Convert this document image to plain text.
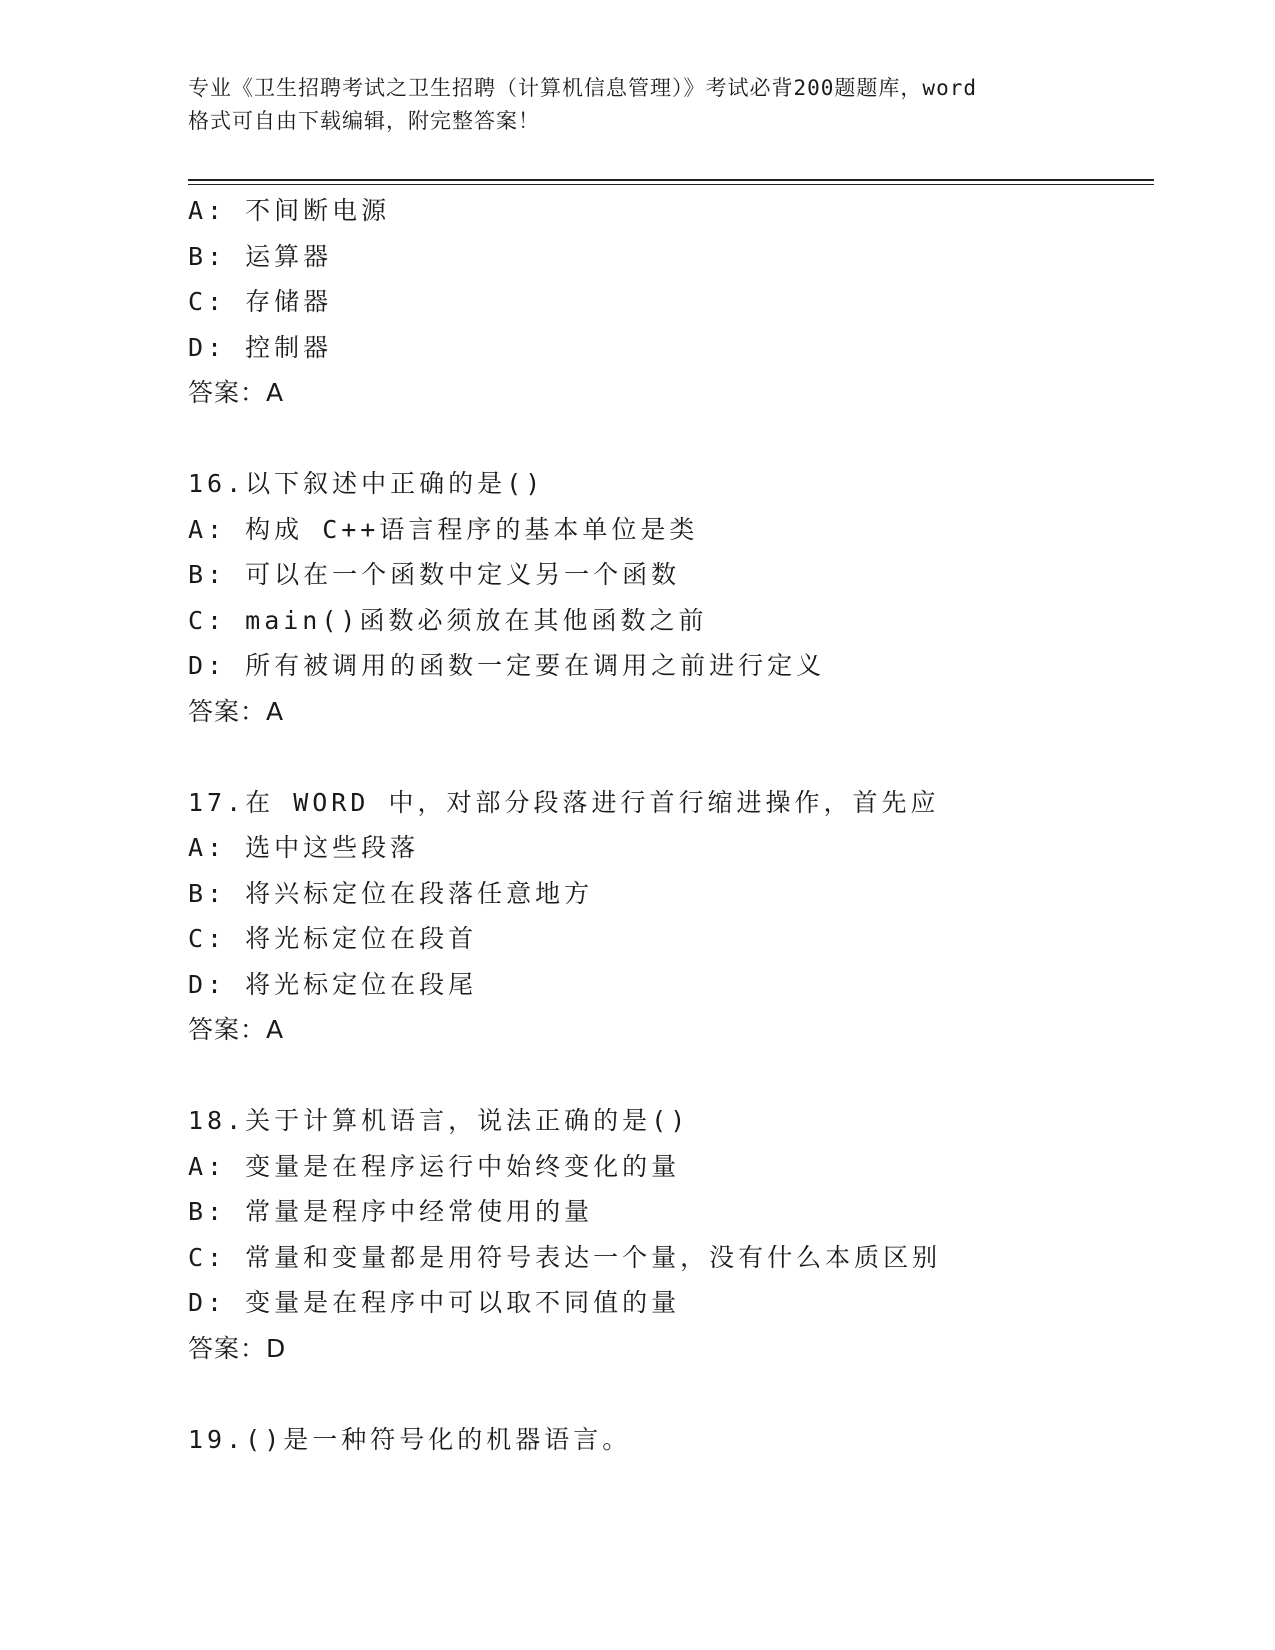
专业《卫生招聘考试之卫生招聘（计算机信息管理）》考试必背200题题库，word
格式可自由下载编辑，附完整答案！
A: 不间断电源
B: 运算器
C: 存储器
D: 控制器
答案：A
16.以下叙述中正确的是()
A: 构成 C++语言程序的基本单位是类
B: 可以在一个函数中定义另一个函数
C: main()函数必须放在其他函数之前
D: 所有被调用的函数一定要在调用之前进行定义
答案：A
17.在 WORD 中，对部分段落进行首行缩进操作，首先应
A: 选中这些段落
B: 将兴标定位在段落任意地方
C: 将光标定位在段首
D: 将光标定位在段尾
答案：A
18.关于计算机语言，说法正确的是()
A: 变量是在程序运行中始终变化的量
B: 常量是程序中经常使用的量
C: 常量和变量都是用符号表达一个量，没有什么本质区别
D: 变量是在程序中可以取不同值的量
答案：D
19.()是一种符号化的机器语言。
